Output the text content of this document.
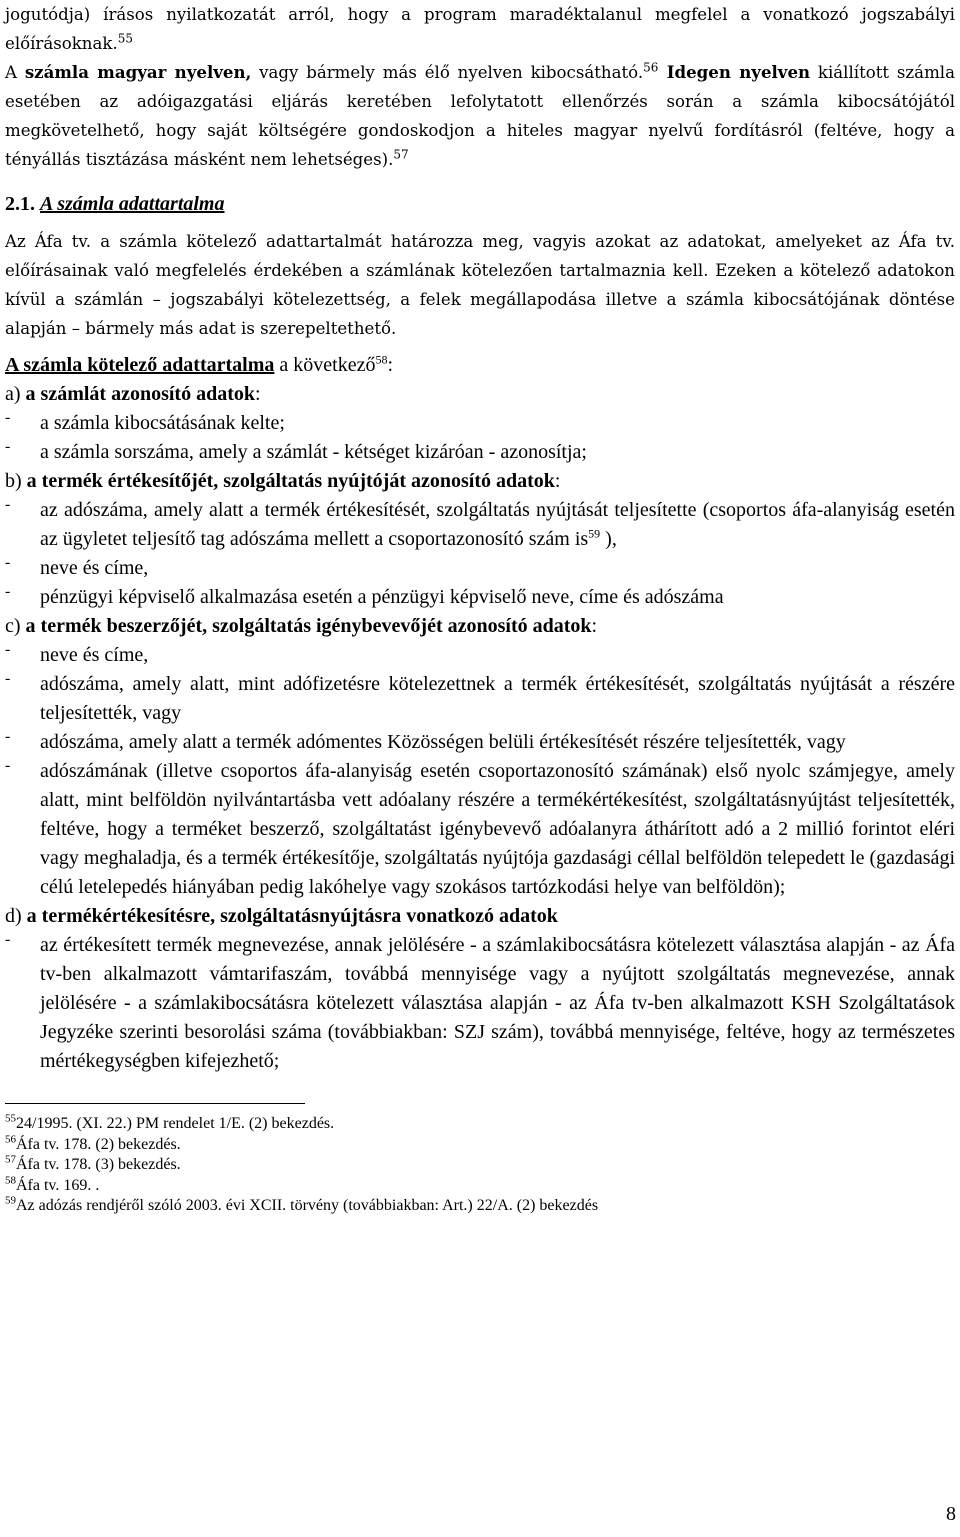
jogutódja) írásos nyilatkozatát arról, hogy a program maradéktalanul megfelel a vonatkozó jogszabályi előírásoknak.$^{55}$

A számla magyar nyelven, vagy bármely más élő nyelven kibocsátható.$^{56}$ Idegen nyelven kiállított számla esetében az adóigazgatási eljárás keretében lefolytatott ellenőrzés során a számla kibocsátójától megkövetelhető, hogy saját költségére gondoskodjon a hiteles magyar nyelvű fordításról (feltéve, hogy a tényállás tisztázása másként nem lehetséges).$^{57}$

2.1. A számla adattartalma

Az Áfa tv. a számla kötelező adattartalmát határozza meg, vagyis azokat az adatokat, amelyeket az Áfa tv. előírásainak való megfelelés érdekében a számlának kötelezően tartalmaznia kell. Ezeken a kötelező adatokon kívül a számlán – jogszabályi kötelezettség, a felek megállapodása illetve a számla kibocsátójának döntése alapján – bármely más adat is szerepeltethető.

A számla kötelező adattartalma a következő$^{58}$:

a) a számlát azonosító adatok:

-	a számla kibocsátásának kelte;

-	a számla sorszáma, amely a számlát - kétséget kizáróan - azonosítja;

b) a termék értékesítőjét, szolgáltatás nyújtóját azonosító adatok:

-	az adószáma, amely alatt a termék értékesítését, szolgáltatás nyújtását teljesítette (csoportos áfa-alanyiság esetén az ügyletet teljesítő tag adószáma mellett a csoportazonosító szám $is^{59}$ ),

-	neve és címe,

-	pénzügyi képviselő alkalmazása esetén a pénzügyi képviselő neve, címe és adószáma

c) a termék beszerzőjét, szolgáltatás igénybevevőjét azonosító adatok:

-	neve és címe,

-	adószáma, amely alatt, mint adófizetésre kötelezettnek a termék értékesítését, szolgáltatás nyújtását a részére teljesítették, vagy

-	adószáma, amely alatt a termék adómentes Közösségen belüli értékesítését részére teljesítették, vagy

-	adószámának (illetve csoportos áfa-alanyiság esetén csoportazonosító számának) első nyolc számjegye, amely alatt, mint belföldön nyilvántartásba vett adóalany részére a termékértékesítést, szolgáltatásnyújtást teljesítették, feltéve, hogy a terméket beszerző, szolgáltatást igénybevevő adóalanyra áthárított adó a 2 millió forintot eléri vagy meghaladja, és a termék értékesítője, szolgáltatás nyújtója gazdasági céllal belföldön telepedett le (gazdasági célú letelepedés hiányában pedig lakóhelye vagy szokásos tartózkodási helye van belföldön);

d) a termékértékesítésre, szolgáltatásnyújtásra vonatkozó adatok

-	az értékesített termék megnevezése, annak jelölésére - a számlakibocsátásra kötelezett választása alapján - az Áfa tv-ben alkalmazott vámtarifaszám, továbbá mennyisége vagy a nyújtott szolgáltatás megnevezése, annak jelölésére - a számlakibocsátásra kötelezett választása alapján - az Áfa tv-ben alkalmazott KSH Szolgáltatások Jegyzéke szerinti besorolási száma (továbbiakban: SZJ szám), továbbá mennyisége, feltéve, hogy az természetes mértékegységben kifejezhető;

$^{55}$24/1995. (XI. 22.) PM rendelet 1/E. (2) bekezdés.

$^{56}$Áfa tv. 178. (2) bekezdés.

$^{57}$Áfa tv. 178. (3) bekezdés.

$^{58}$Áfa tv. 169. .

$^{59}$Az adózás rendjéről szóló 2003. évi XCII. törvény (továbbiakban: Art.) 22/A. (2) bekezdés

8
